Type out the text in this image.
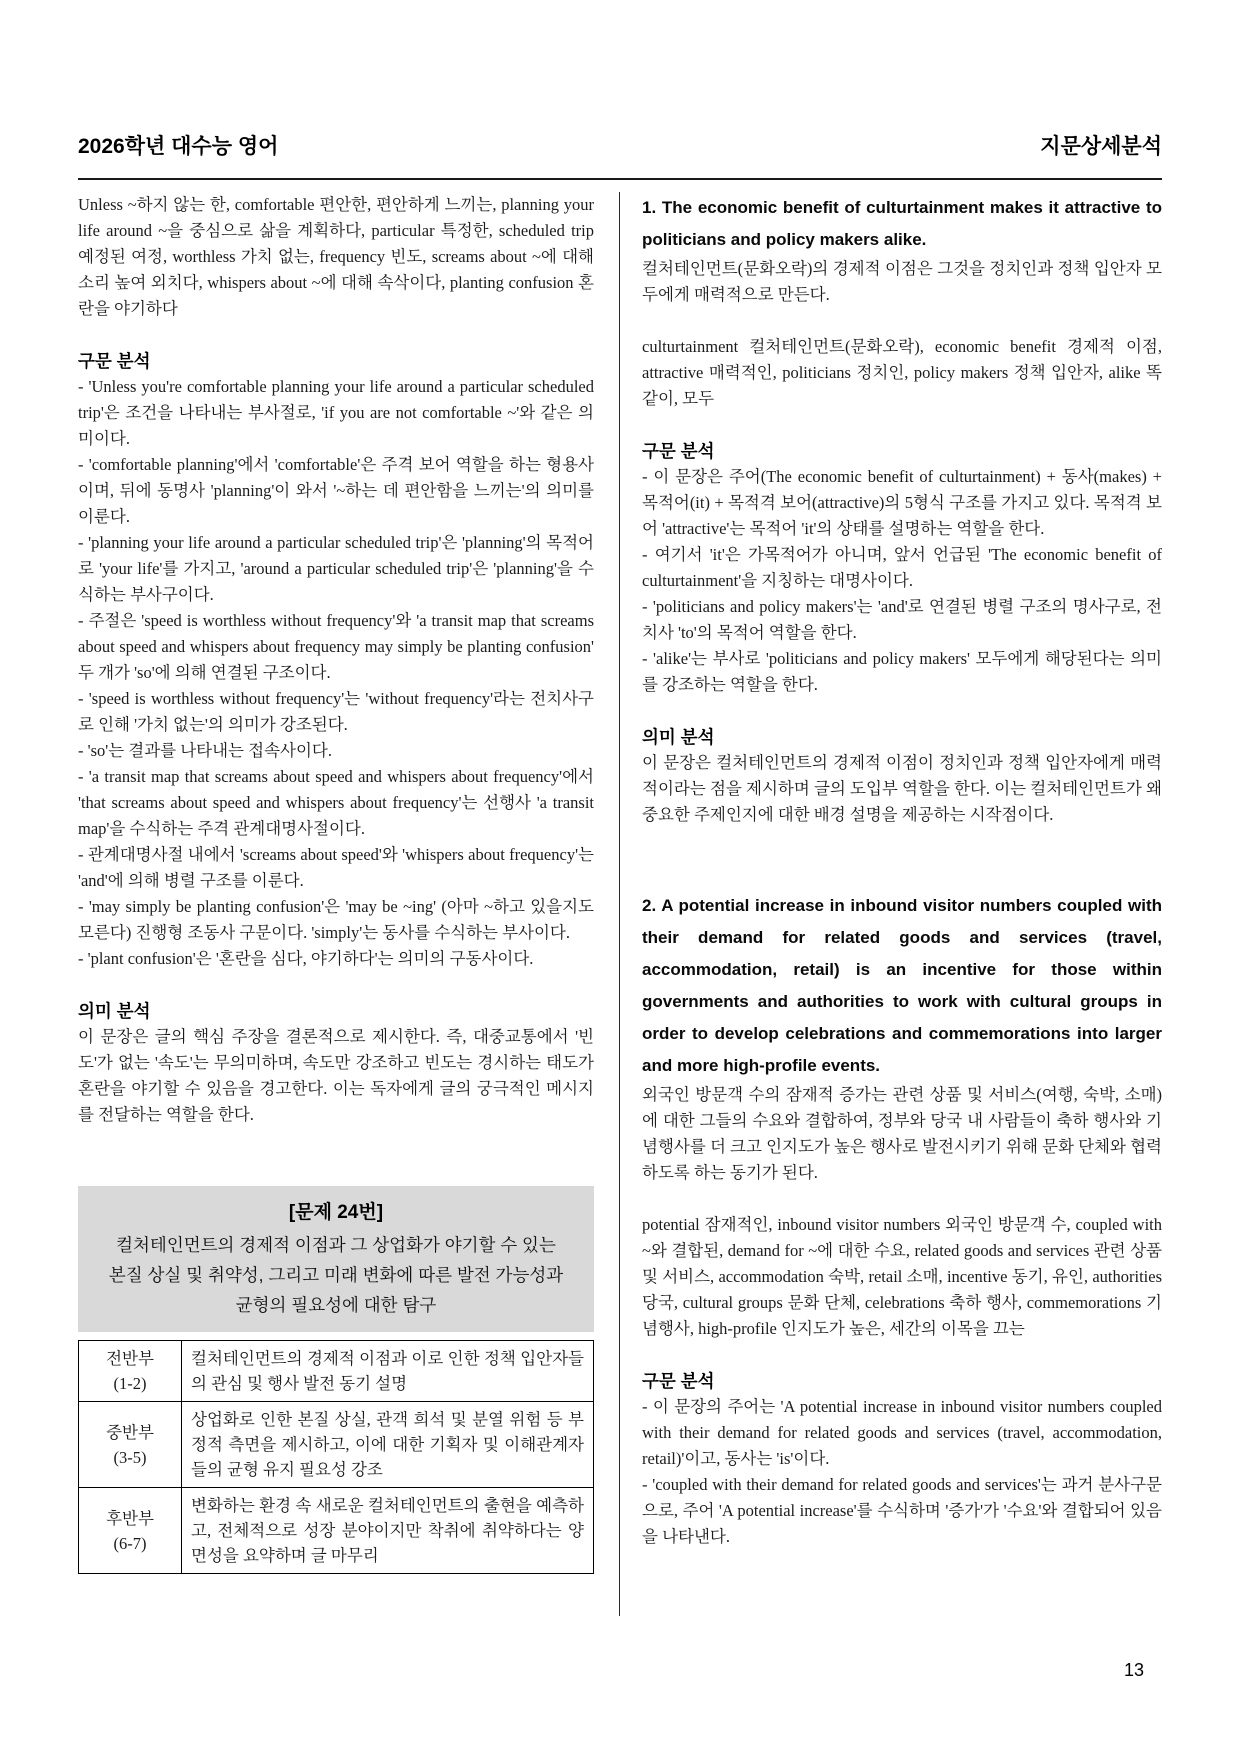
2026학년 대수능 영어	지문상세분석

Unless ~하지 않는 한, comfortable 편안한, 편안하게 느끼는, planning your life around ~을 중심으로 삶을 계획하다, particular 특정한, scheduled trip 예정된 여정, worthless 가치 없는, frequency 빈도, screams about ~에 대해 소리 높여 외치다, whispers about ~에 대해 속삭이다, planting confusion 혼란을 야기하다

구문 분석

- 'Unless you're comfortable planning your life around a particular scheduled trip'은 조건을 나타내는 부사절로, 'if you are not comfortable ~'와 같은 의미이다.

- 'comfortable planning'에서 'comfortable'은 주격 보어 역할을 하는 형용사이며, 뒤에 동명사 'planning'이 와서 '~하는 데 편안함을 느끼는'의 의미를 이룬다.

- 'planning your life around a particular scheduled trip'은 'planning'의 목적어로 'your life'를 가지고, 'around a particular scheduled trip'은 'planning'을 수식하는 부사구이다.

- 주절은 'speed is worthless without frequency'와 'a transit map that screams about speed and whispers about frequency may simply be planting confusion' 두 개가 'so'에 의해 연결된 구조이다.

- 'speed is worthless without frequency'는 'without frequency'라는 전치사구로 인해 '가치 없는'의 의미가 강조된다.

- 'so'는 결과를 나타내는 접속사이다.

- 'a transit map that screams about speed and whispers about frequency'에서 'that screams about speed and whispers about frequency'는 선행사 'a transit map'을 수식하는 주격 관계대명사절이다.

- 관계대명사절 내에서 'screams about speed'와 'whispers about frequency'는 'and'에 의해 병렬 구조를 이룬다.

- 'may simply be planting confusion'은 'may be ~ing' (아마 ~하고 있을지도 모른다) 진행형 조동사 구문이다. 'simply'는 동사를 수식하는 부사이다.

- 'plant confusion'은 '혼란을 심다, 야기하다'는 의미의 구동사이다.

의미 분석

이 문장은 글의 핵심 주장을 결론적으로 제시한다. 즉, 대중교통에서 '빈도'가 없는 '속도'는 무의미하며, 속도만 강조하고 빈도는 경시하는 태도가 혼란을 야기할 수 있음을 경고한다. 이는 독자에게 글의 궁극적인 메시지를 전달하는 역할을 한다.

[문제 24번]
컬처테인먼트의 경제적 이점과 그 상업화가 야기할 수 있는
본질 상실 및 취약성, 그리고 미래 변화에 따른 발전 가능성과
균형의 필요성에 대한 탐구
전반부
(1-2)	컬처테인먼트의 경제적 이점과 이로 인한 정책 입안자들의 관심 및 행사 발전 동기 설명

중반부
(3-5)	상업화로 인한 본질 상실, 관객 희석 및 분열 위험 등 부정적 측면을 제시하고, 이에 대한 기획자 및 이해관계자들의 균형 유지 필요성 강조

후반부
(6-7)	변화하는 환경 속 새로운 컬처테인먼트의 출현을 예측하고, 전체적으로 성장 분야이지만 착취에 취약하다는 양면성을 요약하며 글 마무리

1. The economic benefit of culturtainment makes it attractive to politicians and policy makers alike.

컬처테인먼트(문화오락)의 경제적 이점은 그것을 정치인과 정책 입안자 모두에게 매력적으로 만든다.

culturtainment 컬처테인먼트(문화오락), economic benefit 경제적 이점, attractive 매력적인, politicians 정치인, policy makers 정책 입안자, alike 똑같이, 모두

구문 분석

- 이 문장은 주어(The economic benefit of culturtainment) + 동사(makes) + 목적어(it) + 목적격 보어(attractive)의 5형식 구조를 가지고 있다. 목적격 보어 'attractive'는 목적어 'it'의 상태를 설명하는 역할을 한다.

- 여기서 'it'은 가목적어가 아니며, 앞서 언급된 'The economic benefit of culturtainment'을 지칭하는 대명사이다.

- 'politicians and policy makers'는 'and'로 연결된 병렬 구조의 명사구로, 전치사 'to'의 목적어 역할을 한다.

- 'alike'는 부사로 'politicians and policy makers' 모두에게 해당된다는 의미를 강조하는 역할을 한다.

의미 분석

이 문장은 컬처테인먼트의 경제적 이점이 정치인과 정책 입안자에게 매력적이라는 점을 제시하며 글의 도입부 역할을 한다. 이는 컬처테인먼트가 왜 중요한 주제인지에 대한 배경 설명을 제공하는 시작점이다.

2. A potential increase in inbound visitor numbers coupled with their demand for related goods and services (travel, accommodation, retail) is an incentive for those within governments and authorities to work with cultural groups in order to develop celebrations and commemorations into larger and more high-profile events.

외국인 방문객 수의 잠재적 증가는 관련 상품 및 서비스(여행, 숙박, 소매)에 대한 그들의 수요와 결합하여, 정부와 당국 내 사람들이 축하 행사와 기념행사를 더 크고 인지도가 높은 행사로 발전시키기 위해 문화 단체와 협력하도록 하는 동기가 된다.

potential 잠재적인, inbound visitor numbers 외국인 방문객 수, coupled with ~와 결합된, demand for ~에 대한 수요, related goods and services 관련 상품 및 서비스, accommodation 숙박, retail 소매, incentive 동기, 유인, authorities 당국, cultural groups 문화 단체, celebrations 축하 행사, commemorations 기념행사, high-profile 인지도가 높은, 세간의 이목을 끄는

구문 분석

- 이 문장의 주어는 'A potential increase in inbound visitor numbers coupled with their demand for related goods and services (travel, accommodation, retail)'이고, 동사는 'is'이다.

- 'coupled with their demand for related goods and services'는 과거 분사구문으로, 주어 'A potential increase'를 수식하며 '증가'가 '수요'와 결합되어 있음을 나타낸다.

13
